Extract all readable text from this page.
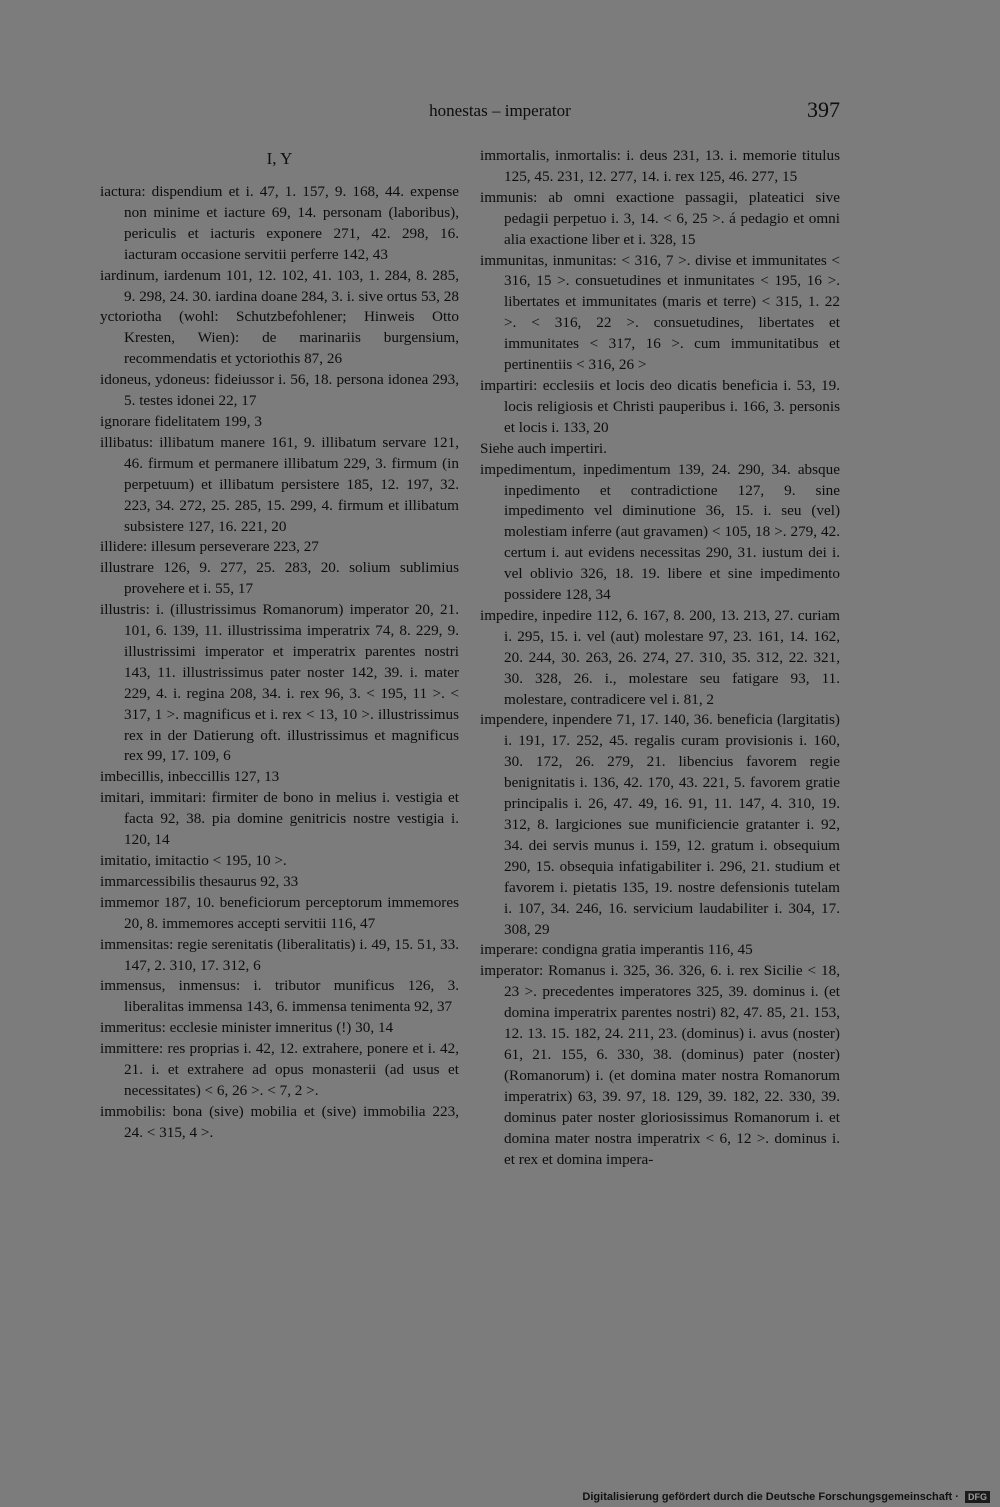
honestas – imperator	397
I, Y

iactura: dispendium et i. 47, 1. 157, 9. 168, 44. expense non minime et iacture 69, 14. personam (laboribus), periculis et iacturis exponere 271, 42. 298, 16. iacturam occasione servitii perferre 142, 43

iardinum, iardenum 101, 12. 102, 41. 103, 1. 284, 8. 285, 9. 298, 24. 30. iardina doane 284, 3. i. sive ortus 53, 28

yctoriotha (wohl: Schutzbefohlener; Hinweis Otto Kresten, Wien): de marinariis burgensium, recommendatis et yctoriothis 87, 26

idoneus, ydoneus: fideiussor i. 56, 18. persona idonea 293, 5. testes idonei 22, 17

ignorare fidelitatem 199, 3

illibatus: illibatum manere 161, 9. illibatum servare 121, 46. firmum et permanere illibatum 229, 3. firmum (in perpetuum) et illibatum persistere 185, 12. 197, 32. 223, 34. 272, 25. 285, 15. 299, 4. firmum et illibatum subsistere 127, 16. 221, 20

illidere: illesum perseverare 223, 27

illustrare 126, 9. 277, 25. 283, 20. solium sublimius provehere et i. 55, 17

illustris: i. (illustrissimus Romanorum) imperator 20, 21. 101, 6. 139, 11. illustrissima imperatrix 74, 8. 229, 9. illustrissimi imperator et imperatrix parentes nostri 143, 11. illustrissimus pater noster 142, 39. i. mater 229, 4. i. regina 208, 34. i. rex 96, 3. < 195, 11 >. < 317, 1 >. magnificus et i. rex < 13, 10 >. illustrissimus rex in der Datierung oft. illustrissimus et magnificus rex 99, 17. 109, 6

imbecillis, inbeccillis 127, 13

imitari, immitari: firmiter de bono in melius i. vestigia et facta 92, 38. pia domine genitricis nostre vestigia i. 120, 14

imitatio, imitactio < 195, 10 >.

immarcessibilis thesaurus 92, 33

immemor 187, 10. beneficiorum perceptorum immemores 20, 8. immemores accepti servitii 116, 47

immensitas: regie serenitatis (liberalitatis) i. 49, 15. 51, 33. 147, 2. 310, 17. 312, 6

immensus, inmensus: i. tributor munificus 126, 3. liberalitas immensa 143, 6. immensa tenimenta 92, 37

immeritus: ecclesie minister imneritus (!) 30, 14

immittere: res proprias i. 42, 12. extrahere, ponere et i. 42, 21. i. et extrahere ad opus monasterii (ad usus et necessitates) < 6, 26 >. < 7, 2 >.

immobilis: bona (sive) mobilia et (sive) immobilia 223, 24. < 315, 4 >.

immortalis, inmortalis: i. deus 231, 13. i. memorie titulus 125, 45. 231, 12. 277, 14. i. rex 125, 46. 277, 15

immunis: ab omni exactione passagii, plateatici sive pedagii perpetuo i. 3, 14. < 6, 25 >. á pedagio et omni alia exactione liber et i. 328, 15

immunitas, inmunitas: < 316, 7 >. divise et immunitates < 316, 15 >. consuetudines et inmunitates < 195, 16 >. libertates et immunitates (maris et terre) < 315, 1. 22 >. < 316, 22 >. consuetudines, libertates et immunitates < 317, 16 >. cum immunitatibus et pertinentiis < 316, 26 >

impartiri: ecclesiis et locis deo dicatis beneficia i. 53, 19. locis religiosis et Christi pauperibus i. 166, 3. personis et locis i. 133, 20

Siehe auch impertiri.

impedimentum, inpedimentum 139, 24. 290, 34. absque inpedimento et contradictione 127, 9. sine impedimento vel diminutione 36, 15. i. seu (vel) molestiam inferre (aut gravamen) < 105, 18 >. 279, 42. certum i. aut evidens necessitas 290, 31. iustum dei i. vel oblivio 326, 18. 19. libere et sine impedimento possidere 128, 34

impedire, inpedire 112, 6. 167, 8. 200, 13. 213, 27. curiam i. 295, 15. i. vel (aut) molestare 97, 23. 161, 14. 162, 20. 244, 30. 263, 26. 274, 27. 310, 35. 312, 22. 321, 30. 328, 26. i., molestare seu fatigare 93, 11. molestare, contradicere vel i. 81, 2

impendere, inpendere 71, 17. 140, 36. beneficia (largitatis) i. 191, 17. 252, 45. regalis curam provisionis i. 160, 30. 172, 26. 279, 21. libencius favorem regie benignitatis i. 136, 42. 170, 43. 221, 5. favorem gratie principalis i. 26, 47. 49, 16. 91, 11. 147, 4. 310, 19. 312, 8. largiciones sue munificiencie gratanter i. 92, 34. dei servis munus i. 159, 12. gratum i. obsequium 290, 15. obsequia infatigabiliter i. 296, 21. studium et favorem i. pietatis 135, 19. nostre defensionis tutelam i. 107, 34. 246, 16. servicium laudabiliter i. 304, 17. 308, 29

imperare: condigna gratia imperantis 116, 45

imperator: Romanus i. 325, 36. 326, 6. i. rex Sicilie < 18, 23 >. precedentes imperatores 325, 39. dominus i. (et domina imperatrix parentes nostri) 82, 47. 85, 21. 153, 12. 13. 15. 182, 24. 211, 23. (dominus) i. avus (noster) 61, 21. 155, 6. 330, 38. (dominus) pater (noster) (Romanorum) i. (et domina mater nostra Romanorum imperatrix) 63, 39. 97, 18. 129, 39. 182, 22. 330, 39. dominus pater noster gloriosissimus Romanorum i. et domina mater nostra imperatrix < 6, 12 >. dominus i. et rex et domina impera-

Digitalisierung gefördert durch die Deutsche Forschungsgemeinschaft · DFG
